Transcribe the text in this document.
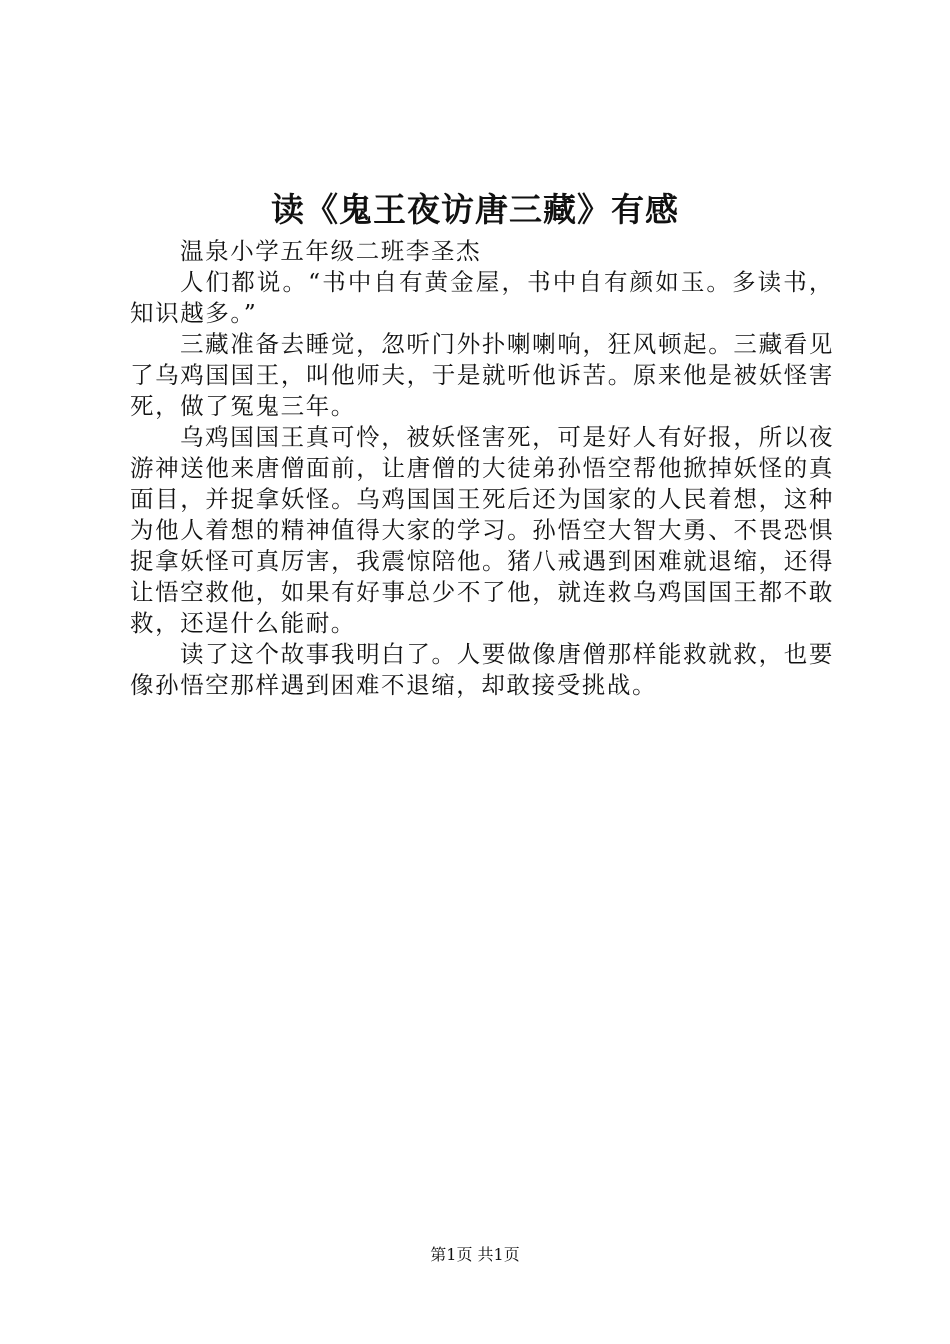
读《鬼王夜访唐三藏》有感

温泉小学五年级二班李圣杰

人们都说。“书中自有黄金屋，书中自有颜如玉。多读书，知识越多。”

三藏准备去睡觉，忽听门外扑喇喇响，狂风顿起。三藏看见了乌鸡国国王，叫他师夫，于是就听他诉苦。原来他是被妖怪害死，做了冤鬼三年。

乌鸡国国王真可怜，被妖怪害死，可是好人有好报，所以夜游神送他来唐僧面前，让唐僧的大徒弟孙悟空帮他掀掉妖怪的真面目，并捉拿妖怪。乌鸡国国王死后还为国家的人民着想，这种为他人着想的精神值得大家的学习。孙悟空大智大勇、不畏恐惧捉拿妖怪可真厉害，我震惊陪他。猪八戒遇到困难就退缩，还得让悟空救他，如果有好事总少不了他，就连救乌鸡国国王都不敢救，还逞什么能耐。

读了这个故事我明白了。人要做像唐僧那样能救就救，也要像孙悟空那样遇到困难不退缩，却敢接受挑战。

第1页 共1页
